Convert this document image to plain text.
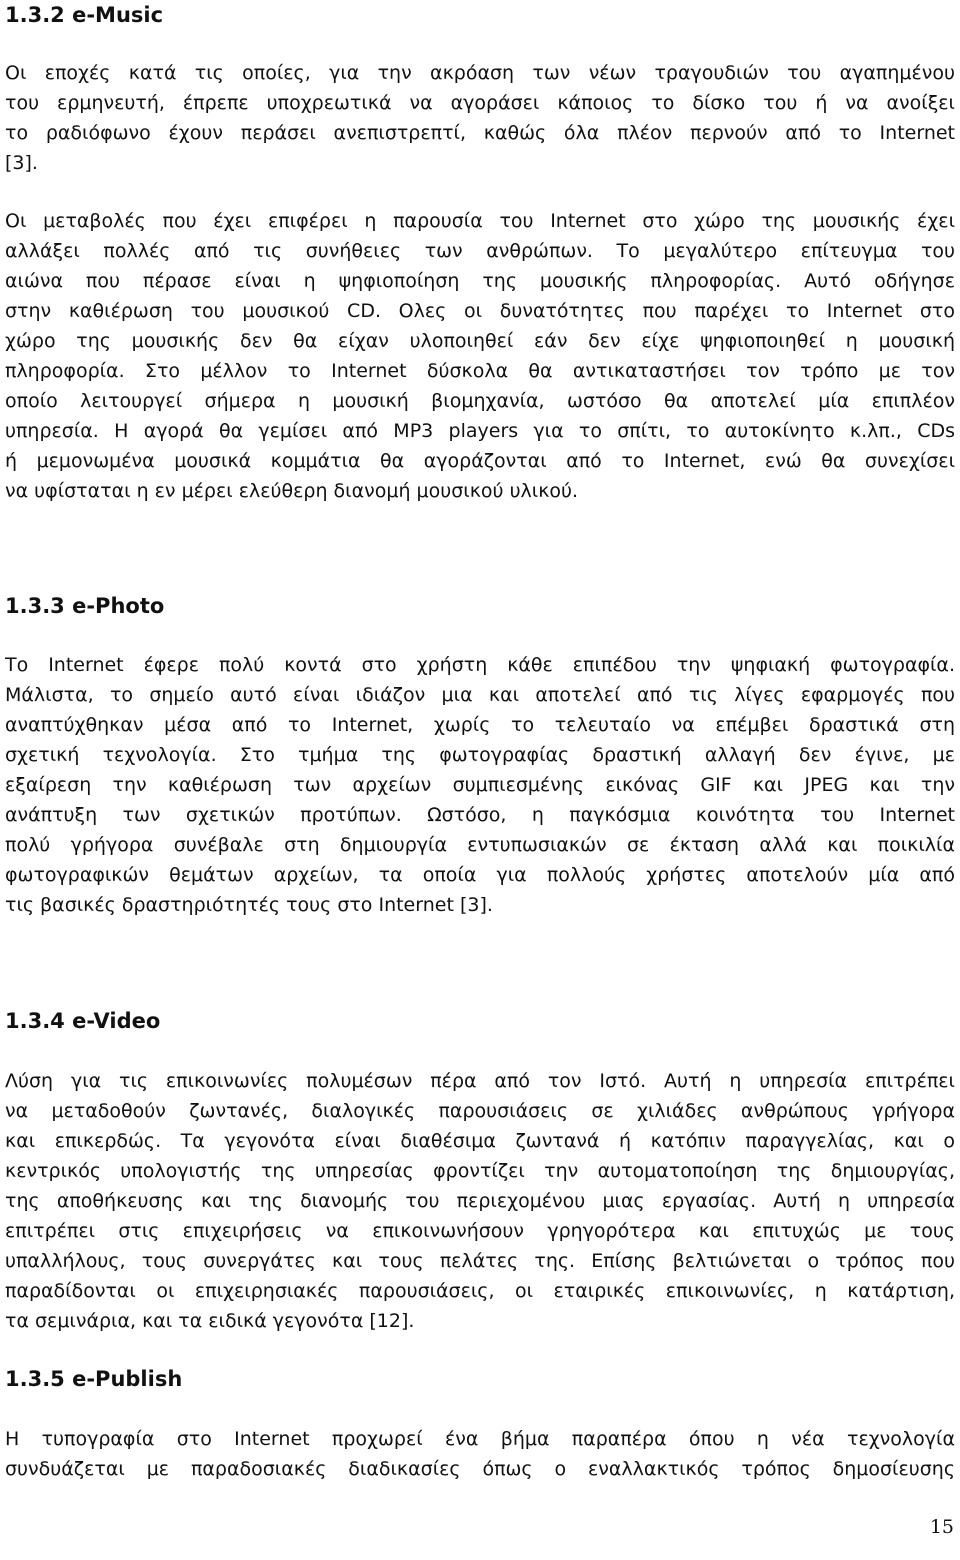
1.3.2 e-Music

Οι εποχές κατά τις οποίες, για την ακρόαση των νέων τραγουδιών του αγαπημένου
του ερμηνευτή, έπρεπε υποχρεωτικά να αγοράσει κάποιος το δίσκο του ή να ανοίξει
το ραδιόφωνο έχουν περάσει ανεπιστρεπτί, καθώς όλα πλέον περνούν από το Internet
[3].

Οι μεταβολές που έχει επιφέρει η παρουσία του Internet στο χώρο της μουσικής έχει
αλλάξει πολλές από τις συνήθειες των ανθρώπων. Το μεγαλύτερο επίτευγμα του
αιώνα που πέρασε είναι η ψηφιοποίηση της μουσικής πληροφορίας. Αυτό οδήγησε
στην καθιέρωση του μουσικού CD. Ολες οι δυνατότητες που παρέχει το Internet στο
χώρο της μουσικής δεν θα είχαν υλοποιηθεί εάν δεν είχε ψηφιοποιηθεί η μουσική
πληροφορία. Στο μέλλον το Internet δύσκολα θα αντικαταστήσει τον τρόπο με τον
οποίο λειτουργεί σήμερα η μουσική βιομηχανία, ωστόσο θα αποτελεί μία επιπλέον
υπηρεσία. Η αγορά θα γεμίσει από MP3 players για το σπίτι, το αυτοκίνητο κ.λπ., CDs
ή μεμονωμένα μουσικά κομμάτια θα αγοράζονται από το Internet, ενώ θα συνεχίσει
να υφίσταται η εν μέρει ελεύθερη διανομή μουσικού υλικού.

1.3.3 e-Photo

Το Internet έφερε πολύ κοντά στο χρήστη κάθε επιπέδου την ψηφιακή φωτογραφία.
Μάλιστα, το σημείο αυτό είναι ιδιάζον μια και αποτελεί από τις λίγες εφαρμογές που
αναπτύχθηκαν μέσα από το Internet, χωρίς το τελευταίο να επέμβει δραστικά στη
σχετική τεχνολογία. Στο τμήμα της φωτογραφίας δραστική αλλαγή δεν έγινε, με
εξαίρεση την καθιέρωση των αρχείων συμπιεσμένης εικόνας GIF και JPEG και την
ανάπτυξη των σχετικών προτύπων. Ωστόσο, η παγκόσμια κοινότητα του Internet
πολύ γρήγορα συνέβαλε στη δημιουργία εντυπωσιακών σε έκταση αλλά και ποικιλία
φωτογραφικών θεμάτων αρχείων, τα οποία για πολλούς χρήστες αποτελούν μία από
τις βασικές δραστηριότητές τους στο Internet [3].

1.3.4 e-Video

Λύση για τις επικοινωνίες πολυμέσων πέρα από τον Ιστό. Αυτή η υπηρεσία επιτρέπει
να μεταδοθούν ζωντανές, διαλογικές παρουσιάσεις σε χιλιάδες ανθρώπους γρήγορα
και επικερδώς. Τα γεγονότα είναι διαθέσιμα ζωντανά ή κατόπιν παραγγελίας, και ο
κεντρικός υπολογιστής της υπηρεσίας φροντίζει την αυτοματοποίηση της δημιουργίας,
της αποθήκευσης και της διανομής του περιεχομένου μιας εργασίας. Αυτή η υπηρεσία
επιτρέπει στις επιχειρήσεις να επικοινωνήσουν γρηγορότερα και επιτυχώς με τους
υπαλλήλους, τους συνεργάτες και τους πελάτες της. Επίσης βελτιώνεται ο τρόπος που
παραδίδονται οι επιχειρησιακές παρουσιάσεις, οι εταιρικές επικοινωνίες, η κατάρτιση,
τα σεμινάρια, και τα ειδικά γεγονότα [12].

1.3.5 e-Publish

Η τυπογραφία στο Internet προχωρεί ένα βήμα παραπέρα όπου η νέα τεχνολογία
συνδυάζεται με παραδοσιακές διαδικασίες όπως ο εναλλακτικός τρόπος δημοσίευσης

15
